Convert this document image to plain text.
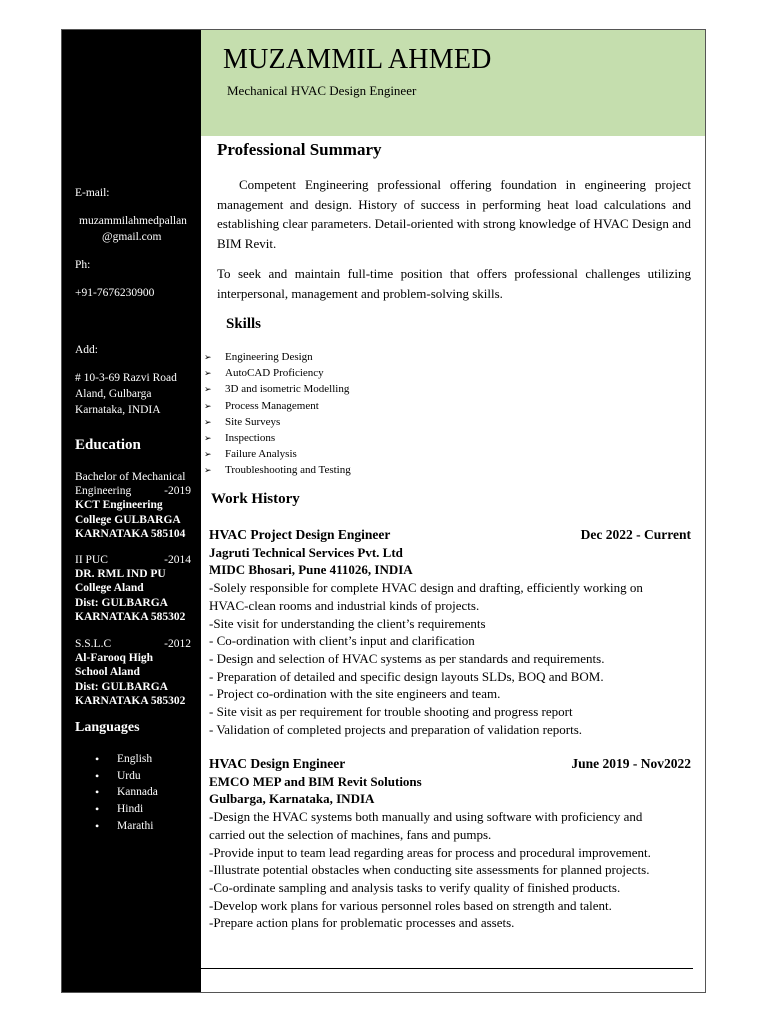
E-mail:
muzammilahmedpallan
@gmail.com
Ph:
+91-7676230900
Add:
# 10-3-69 Razvi Road
Aland, Gulbarga
Karnataka, INDIA
Education
Bachelor of Mechanical
Engineering	-2019
KCT Engineering
College GULBARGA
KARNATAKA 585104
II PUC	-2014
DR. RML IND PU
College Aland
Dist: GULBARGA
KARNATAKA 585302
S.S.L.C	-2012
Al-Farooq High
School Aland
Dist: GULBARGA
KARNATAKA 585302
Languages
• English
• Urdu
• Kannada
• Hindi
• Marathi
MUZAMMIL AHMED
Mechanical HVAC Design Engineer
Professional Summary
Competent Engineering professional offering foundation in engineering project management and design. History of success in performing heat load calculations and establishing clear parameters. Detail-oriented with strong knowledge of HVAC Design and BIM Revit.
To seek and maintain full-time position that offers professional challenges utilizing interpersonal, management and problem-solving skills.
Skills
➢ Engineering Design
➢ AutoCAD Proficiency
➢ 3D and isometric Modelling
➢ Process Management
➢ Site Surveys
➢ Inspections
➢ Failure Analysis
➢ Troubleshooting and Testing
Work History
HVAC Project Design Engineer	Dec 2022 - Current
Jagruti Technical Services Pvt. Ltd
MIDC Bhosari, Pune 411026, INDIA
-Solely responsible for complete HVAC design and drafting, efficiently working on
HVAC-clean rooms and industrial kinds of projects.
-Site visit for understanding the client’s requirements
- Co-ordination with client’s input and clarification
- Design and selection of HVAC systems as per standards and requirements.
- Preparation of detailed and specific design layouts SLDs, BOQ and BOM.
- Project co-ordination with the site engineers and team.
- Site visit as per requirement for trouble shooting and progress report
- Validation of completed projects and preparation of validation reports.
HVAC Design Engineer	June 2019 - Nov2022
EMCO MEP and BIM Revit Solutions
Gulbarga, Karnataka, INDIA
-Design the HVAC systems both manually and using software with proficiency and
carried out the selection of machines, fans and pumps.
-Provide input to team lead regarding areas for process and procedural improvement.
-Illustrate potential obstacles when conducting site assessments for planned projects.
-Co-ordinate sampling and analysis tasks to verify quality of finished products.
-Develop work plans for various personnel roles based on strength and talent.
-Prepare action plans for problematic processes and assets.
